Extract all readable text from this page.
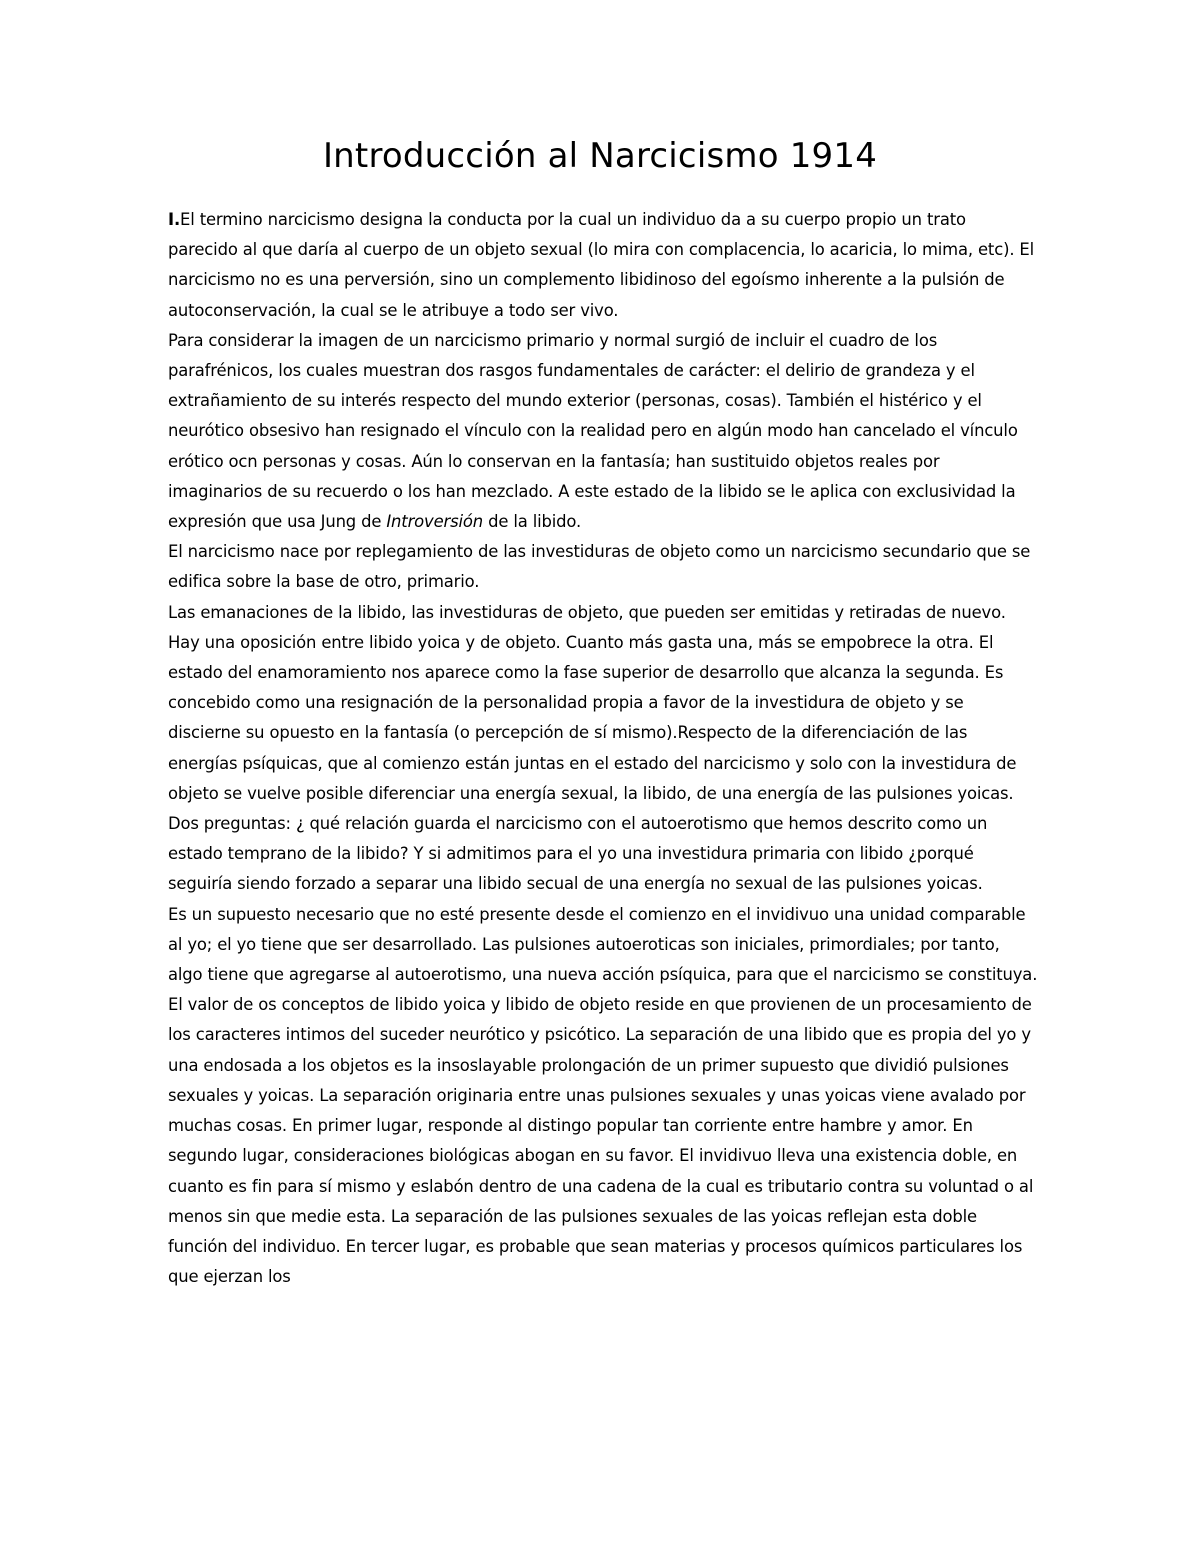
Introducción al Narcicismo 1914

I.El termino narcicismo designa la conducta por la cual un individuo da a su cuerpo propio un trato parecido al que daría al cuerpo de un objeto sexual (lo mira con complacencia, lo acaricia, lo mima, etc). El narcicismo no es una perversión, sino un complemento libidinoso del egoísmo inherente a la pulsión de autoconservación, la cual se le atribuye a todo ser vivo.

Para considerar la imagen de un narcicismo primario y normal surgió de incluir el cuadro de los parafrénicos, los cuales muestran dos rasgos fundamentales de carácter: el delirio de grandeza y el extrañamiento de su interés respecto del mundo exterior (personas, cosas). También el histérico y el neurótico obsesivo han resignado el vínculo con la realidad pero en algún modo han cancelado el vínculo erótico ocn personas y cosas. Aún lo conservan en la fantasía; han sustituido objetos reales por imaginarios de su recuerdo o los han mezclado. A este estado de la libido se le aplica con exclusividad la expresión que usa Jung de Introversión de la libido.

El narcicismo nace por replegamiento de las investiduras de objeto como un narcicismo secundario que se edifica sobre la base de otro, primario.

Las emanaciones de la libido, las investiduras de objeto, que pueden ser emitidas y retiradas de nuevo. Hay una oposición entre libido yoica y de objeto. Cuanto más gasta una, más se empobrece la otra. El estado del enamoramiento nos aparece como la fase superior de desarrollo que alcanza la segunda. Es concebido como una resignación de la personalidad propia a favor de la investidura de objeto y se discierne su opuesto en la fantasía (o percepción de sí mismo).Respecto de la diferenciación de las energías psíquicas, que al comienzo están juntas en el estado del narcicismo y solo con la investidura de objeto se vuelve posible diferenciar una energía sexual, la libido, de una energía de las pulsiones yoicas.

Dos preguntas: ¿ qué relación guarda el narcicismo con el autoerotismo que hemos descrito como un estado temprano de la libido? Y si admitimos para el yo una investidura primaria con libido ¿porqué seguiría siendo forzado a separar una libido secual de una energía no sexual de las pulsiones yoicas.

Es un supuesto necesario que no esté presente desde el comienzo en el invidivuo una unidad comparable al yo; el yo tiene que ser desarrollado. Las pulsiones autoeroticas son iniciales, primordiales; por tanto, algo tiene que agregarse al autoerotismo, una nueva acción psíquica, para que el narcicismo se constituya.

El valor de os conceptos de libido yoica y libido de objeto reside en que provienen de un procesamiento de los caracteres intimos del suceder neurótico y psicótico. La separación de una libido que es propia del yo y una endosada a los objetos es la insoslayable prolongación de un primer supuesto que dividió pulsiones sexuales y yoicas. La separación originaria entre unas pulsiones sexuales y unas yoicas viene avalado por muchas cosas. En primer lugar, responde al distingo popular tan corriente entre hambre y amor. En segundo lugar, consideraciones biológicas abogan en su favor. El invidivuo lleva una existencia doble, en cuanto es fin para sí mismo y eslabón dentro de una cadena de la cual es tributario contra su voluntad o al menos sin que medie esta. La separación de las pulsiones sexuales de las yoicas reflejan esta doble función del individuo. En tercer lugar, es probable que sean materias y procesos químicos particulares los que ejerzan los
